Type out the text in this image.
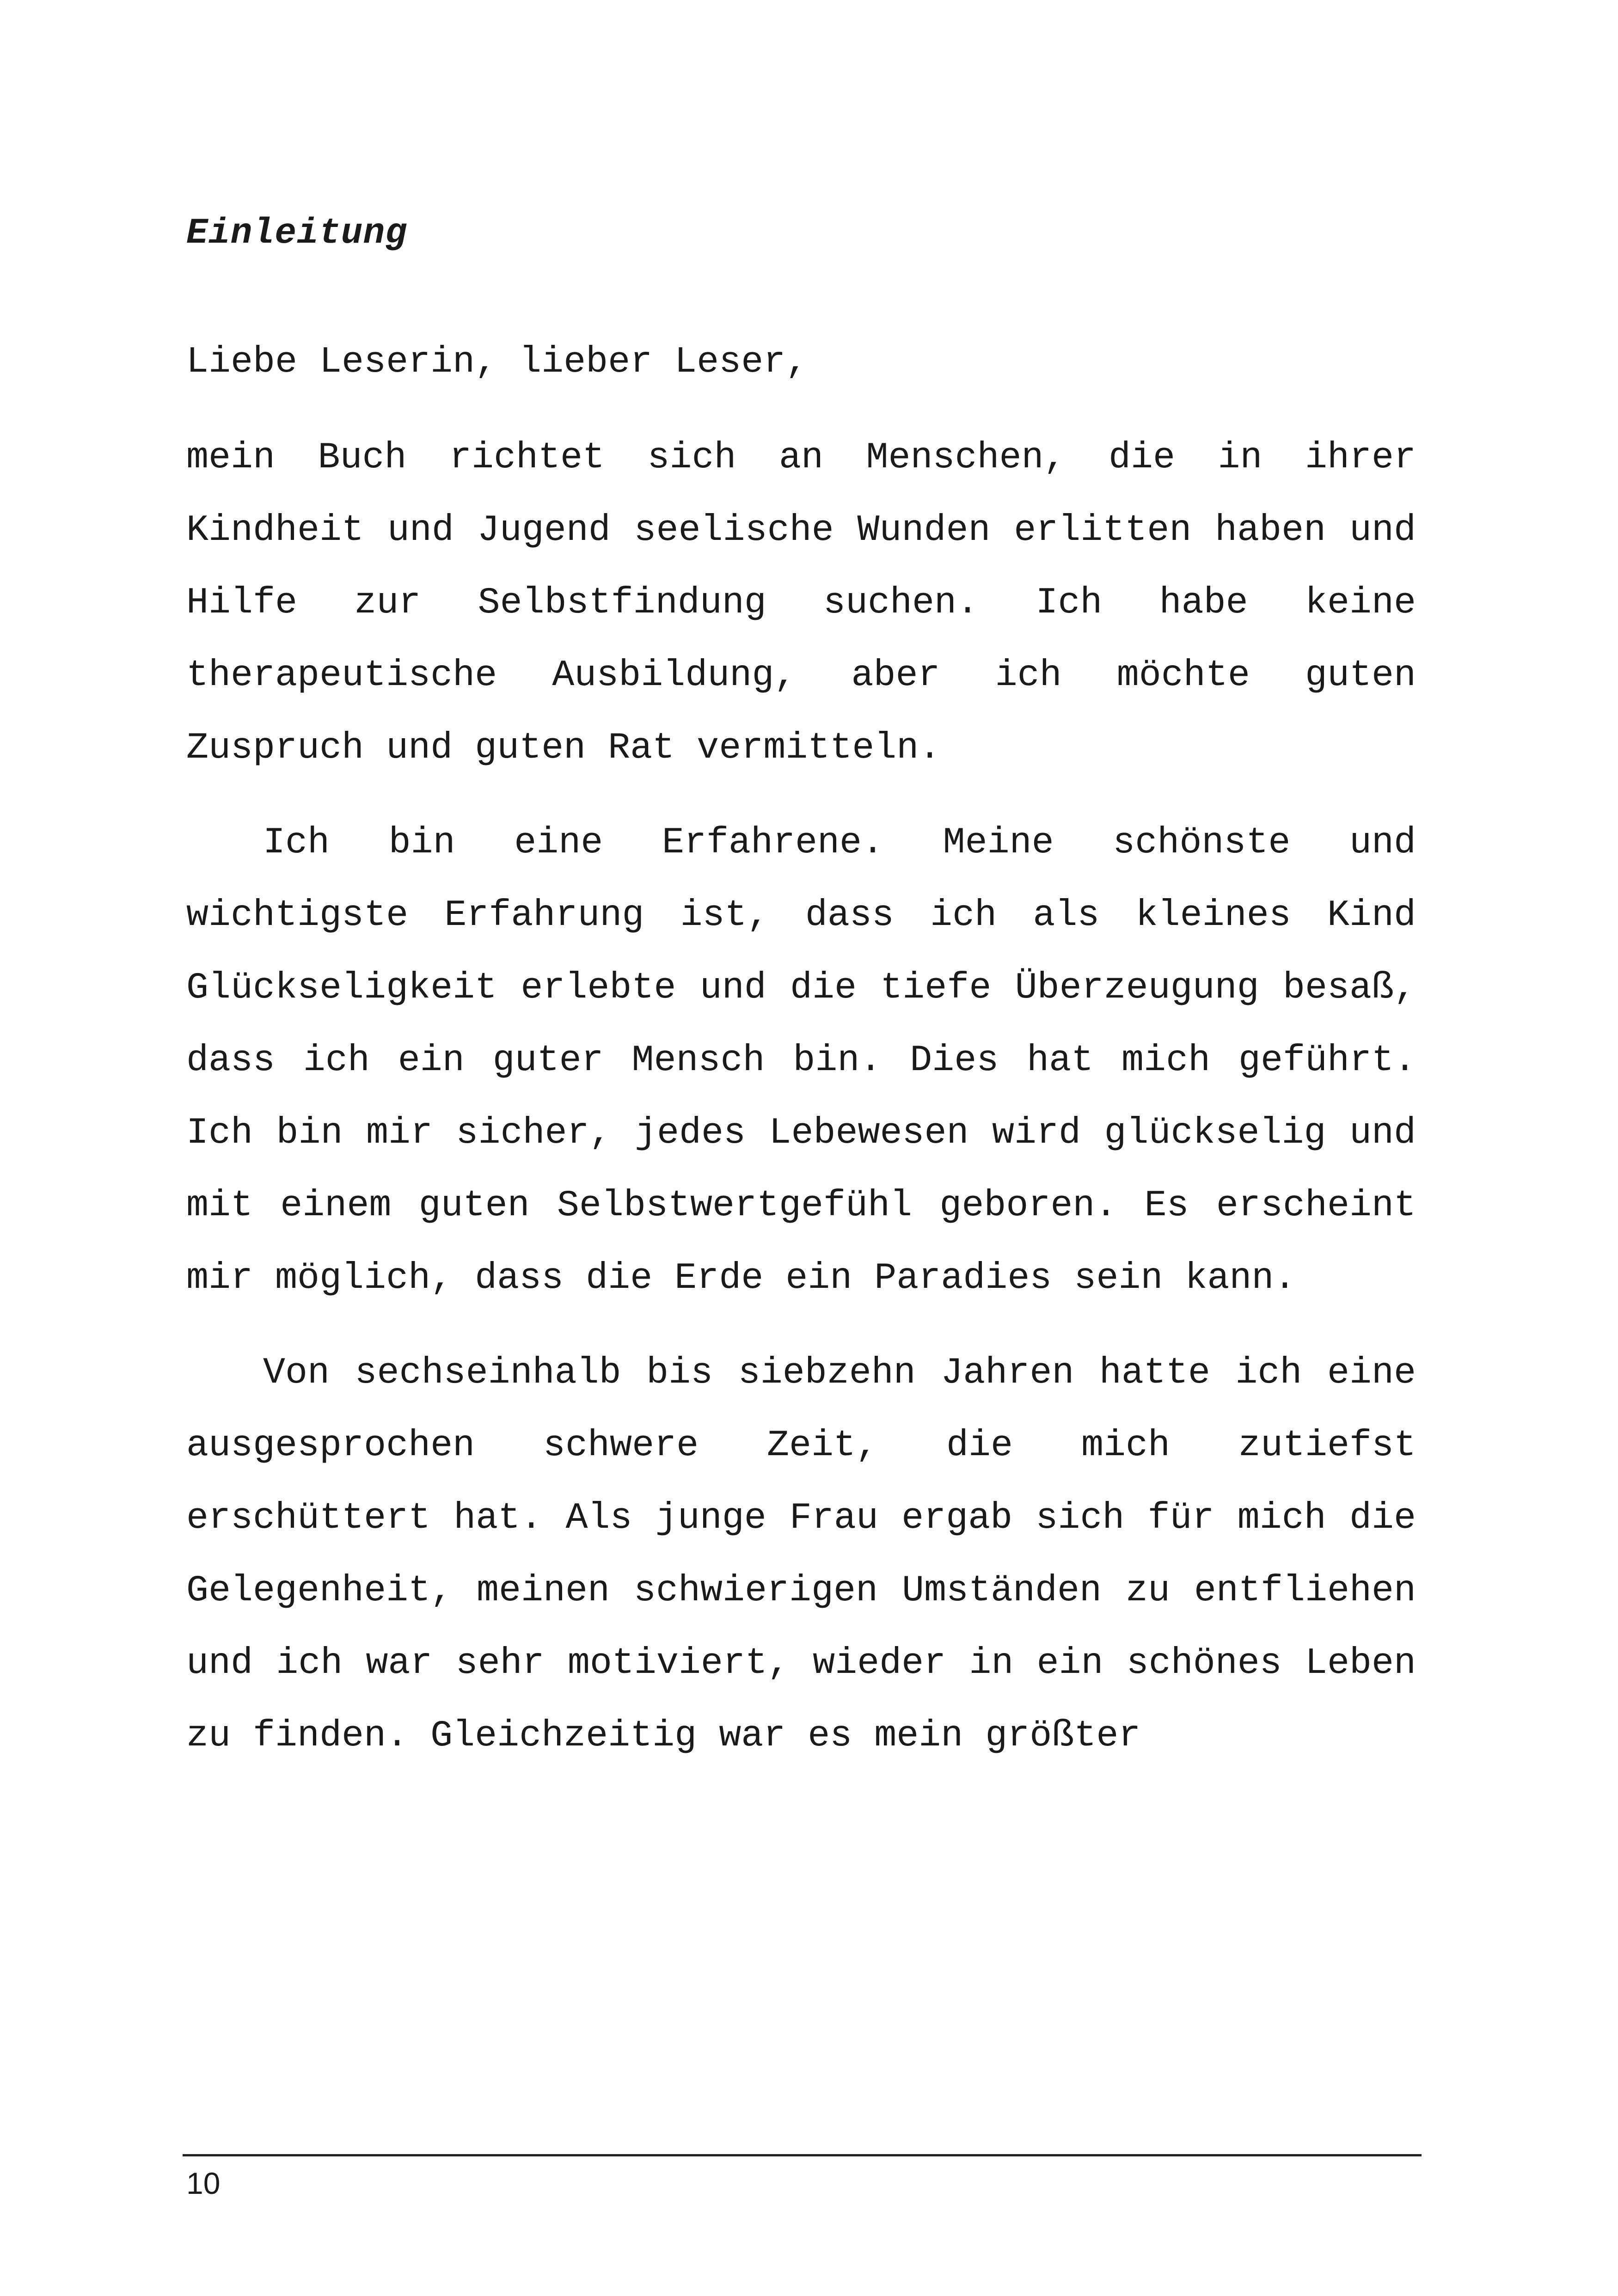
Einleitung

Liebe Leserin, lieber Leser,

mein Buch richtet sich an Menschen, die in ihrer Kindheit und Jugend seelische Wunden erlitten haben und Hilfe zur Selbstfindung suchen. Ich habe keine therapeutische Ausbildung, aber ich möchte guten Zuspruch und guten Rat vermitteln.

Ich bin eine Erfahrene. Meine schönste und wichtigste Erfahrung ist, dass ich als kleines Kind Glückseligkeit erlebte und die tiefe Überzeugung besaß, dass ich ein guter Mensch bin. Dies hat mich geführt. Ich bin mir sicher, jedes Lebewesen wird glückselig und mit einem guten Selbstwertgefühl geboren. Es erscheint mir möglich, dass die Erde ein Paradies sein kann.

Von sechseinhalb bis siebzehn Jahren hatte ich eine ausgesprochen schwere Zeit, die mich zutiefst erschüttert hat. Als junge Frau ergab sich für mich die Gelegenheit, meinen schwierigen Umständen zu entfliehen und ich war sehr motiviert, wieder in ein schönes Leben zu finden. Gleichzeitig war es mein größter

10
